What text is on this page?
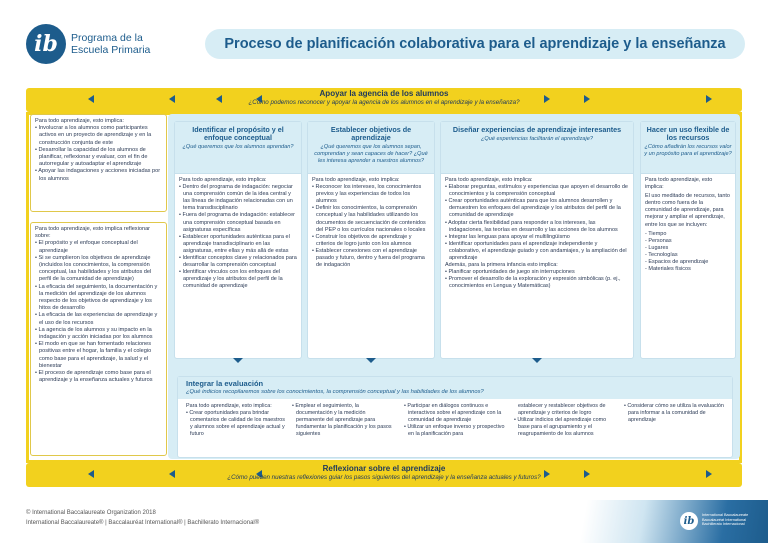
ib	Programa de la
Escuela Primaria	Proceso de planificación colaborativa para el aprendizaje y la enseñanza
Apoyar la agencia de los alumnos
¿Cómo podemos reconocer y apoyar la agencia de los alumnos en el aprendizaje y la enseñanza?
Para todo aprendizaje, esto implica:
• Involucrar a los alumnos como participantes activos en un proyecto de aprendizaje y en la construcción conjunta de este
• Desarrollar la capacidad de los alumnos de planificar, reflexionar y evaluar, con el fin de autorregular y autoadaptar el aprendizaje
• Apoyar las indagaciones y acciones iniciadas por los alumnos
Para todo aprendizaje, esto implica reflexionar sobre:
• El propósito y el enfoque conceptual del aprendizaje
• Si se cumplieron los objetivos de aprendizaje (incluidos los conocimientos, la comprensión conceptual, las habilidades y los atributos del perfil de la comunidad de aprendizaje)
• La eficacia del seguimiento, la documentación y la medición del aprendizaje de los alumnos respecto de los objetivos de aprendizaje y los hitos de desarrollo
• La eficacia de las experiencias de aprendizaje y el uso de los recursos
• La agencia de los alumnos y su impacto en la indagación y acción iniciadas por los alumnos
• El modo en que se han fomentado relaciones positivas entre el hogar, la familia y el colegio como base para el aprendizaje, la salud y el bienestar
• El proceso de aprendizaje como base para el aprendizaje y la enseñanza actuales y futuros
Identificar el propósito y el enfoque conceptual
¿Qué queremos que los alumnos aprendan?
Para todo aprendizaje, esto implica:
• Dentro del programa de indagación: negociar una comprensión común de la idea central y las líneas de indagación relacionadas con un tema transdisciplinario
• Fuera del programa de indagación: establecer una comprensión conceptual basada en asignaturas específicas
• Establecer oportunidades auténticas para el aprendizaje transdisciplinario en las asignaturas, entre ellas y más allá de estas
• Identificar conceptos clave y relacionados para desarrollar la comprensión conceptual
• Identificar vínculos con los enfoques del aprendizaje y los atributos del perfil de la comunidad de aprendizaje
Establecer objetivos de aprendizaje
¿Qué queremos que los alumnos sepan, comprendan y sean capaces de hacer? ¿Qué les interesa aprender a nuestros alumnos?
Para todo aprendizaje, esto implica:
• Reconocer los intereses, los conocimientos previos y las experiencias de todos los alumnos
• Definir los conocimientos, la comprensión conceptual y las habilidades utilizando los documentos de secuenciación de contenidos del PEP o los currículos nacionales o locales
• Construir los objetivos de aprendizaje y criterios de logro junto con los alumnos
• Establecer conexiones con el aprendizaje pasado y futuro, dentro y fuera del programa de indagación
Diseñar experiencias de aprendizaje interesantes
¿Qué experiencias facilitarán el aprendizaje?
Para todo aprendizaje, esto implica:
• Elaborar preguntas, estímulos y experiencias que apoyen el desarrollo de conocimientos y la comprensión conceptual
• Crear oportunidades auténticas para que los alumnos desarrollen y demuestren los enfoques del aprendizaje y los atributos del perfil de la comunidad de aprendizaje
• Adoptar cierta flexibilidad para responder a los intereses, las indagaciones, las teorías en desarrollo y las acciones de los alumnos
• Integrar las lenguas para apoyar el multilingüismo
• Identificar oportunidades para el aprendizaje independiente y colaborativo, el aprendizaje guiado y con andamiajes, y la ampliación del aprendizaje
Además, para la primera infancia esto implica:
• Planificar oportunidades de juego sin interrupciones
• Promover el desarrollo de la exploración y expresión simbólicas (p. ej., conocimientos en Lengua y Matemáticas)
Hacer un uso flexible de los recursos
¿Cómo añadirán los recursos valor y un propósito para el aprendizaje?
Para todo aprendizaje, esto implica:
El uso meditado de recursos, tanto dentro como fuera de la comunidad de aprendizaje, para mejorar y ampliar el aprendizaje, entre los que se incluyen:
- Tiempo
- Personas
- Lugares
- Tecnologías
- Espacios de aprendizaje
- Materiales físicos
Integrar la evaluación
¿Qué indicios recopilaremos sobre los conocimientos, la comprensión conceptual y las habilidades de los alumnos?
Para todo aprendizaje, esto implica:
• Crear oportunidades para brindar comentarios de calidad de los maestros y alumnos sobre el aprendizaje actual y futuro
• Emplear el seguimiento, la documentación y la medición permanente del aprendizaje para fundamentar la planificación y los pasos siguientes
• Participar en diálogos continuos e interactivos sobre el aprendizaje con la comunidad de aprendizaje
• Utilizar un enfoque inverso y prospectivo en la planificación para
establecer y restablecer objetivos de aprendizaje y criterios de logro
• Utilizar indicios del aprendizaje como base para el agrupamiento y el reagrupamiento de los alumnos
• Considerar cómo se utiliza la evaluación para informar a la comunidad de aprendizaje
Reflexionar sobre el aprendizaje
¿Cómo pueden nuestras reflexiones guiar los pasos siguientes del aprendizaje y la enseñanza actuales y futuros?
© International Baccalaureate Organization 2018
International Baccalaureate® | Baccalauréat International® | Bachillerato Internacional®	ib
International Baccalaureate
Baccalauréat International
Bachillerato Internacional
